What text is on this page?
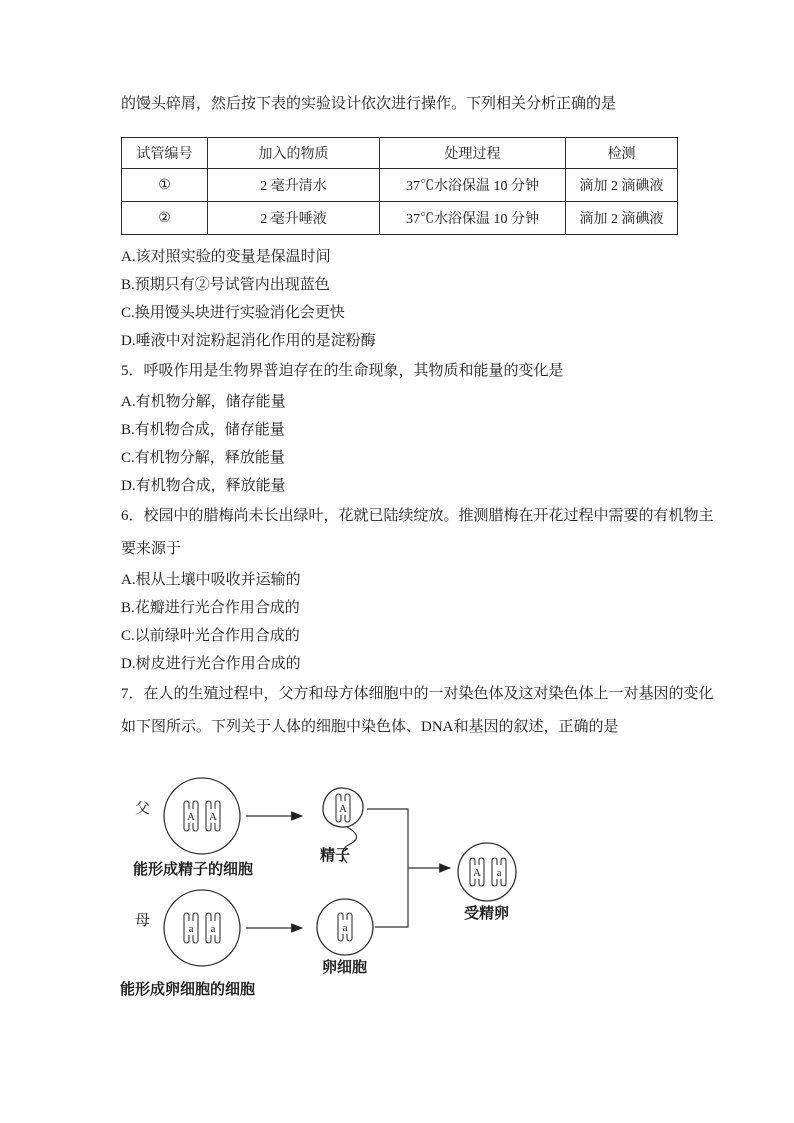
的馒头碎屑，然后按下表的实验设计依次进行操作。下列相关分析正确的是
试管编号	加入的物质	处理过程	检测
①	2 毫升清水	37℃水浴保温 10 分钟	滴加 2 滴碘液
②	2 毫升唾液	37℃水浴保温 10 分钟	滴加 2 滴碘液
A.该对照实验的变量是保温时间
B.预期只有②号试管内出现蓝色
C.换用馒头块进行实验消化会更快
D.唾液中对淀粉起消化作用的是淀粉酶
5．呼吸作用是生物界普迫存在的生命现象，其物质和能量的变化是
A.有机物分解，储存能量
B.有机物合成，储存能量
C.有机物分解，释放能量
D.有机物合成，释放能量
6．校园中的腊梅尚未长出绿叶，花就已陆续绽放。推测腊梅在开花过程中需要的有机物主
要来源于
A.根从土壤中吸收并运输的
B.花瓣进行光合作用合成的
C.以前绿叶光合作用合成的
D.树皮进行光合作用合成的
7．在人的生殖过程中，父方和母方体细胞中的一对染色体及这对染色体上一对基因的变化
如下图所示。下列关于人体的细胞中染色体、DNA和基因的叙述，正确的是
父	A A
A
精子
能形成精子的细胞
母	a a	a
卵细胞
能形成卵细胞的细胞
A a
受精卵
